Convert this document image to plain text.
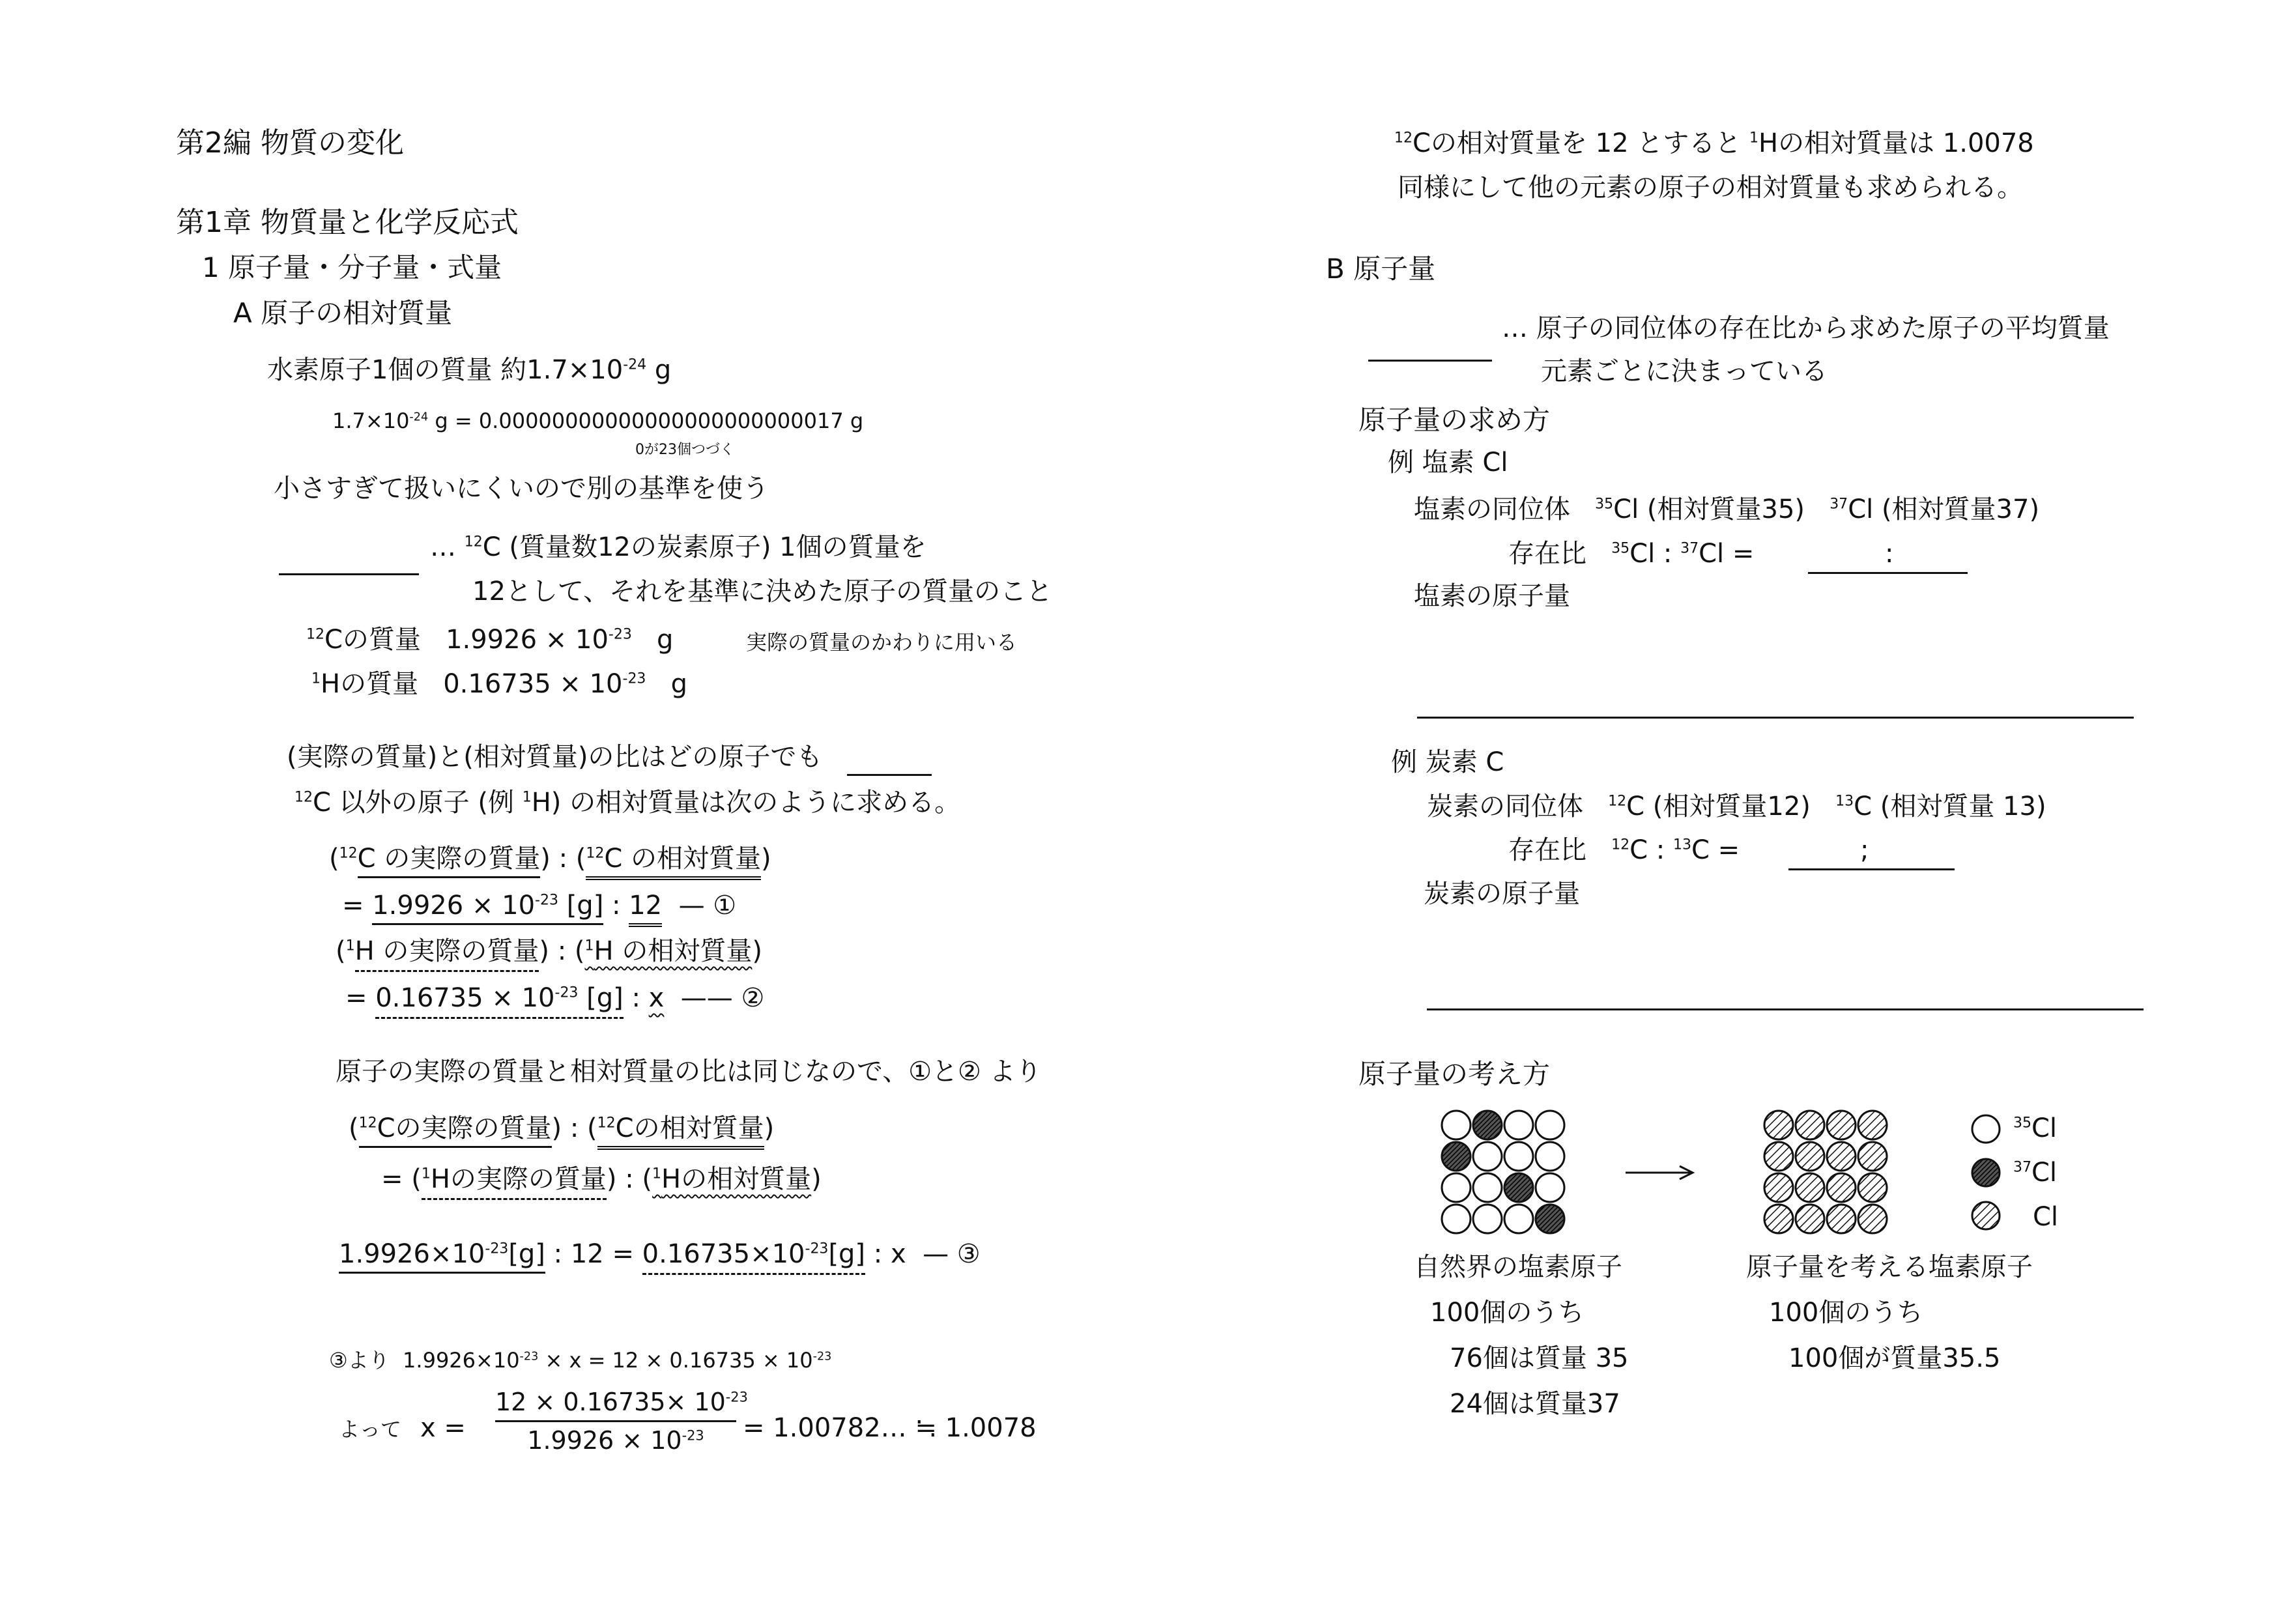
第2編 物質の変化
第1章 物質量と化学反応式
1 原子量・分子量・式量
A 原子の相対質量
水素原子1個の質量 約$1.7\times 10^{-24}$ g
$1.7\times 10^{-24}$ g = 0.00000000000000000000000017 g
0が23個つづく
小さすぎて扱いにくいので別の基準を使う
… $^{12}$C (質量数12の炭素原子) 1個の質量を
12として、それを基準に決めた原子の質量のこと
$^{12}$Cの質量 $1.9926 \times 10^{-23}$ g	実際の質量のかわりに用いる
$^1$Hの質量 $0.16735 \times 10^{-23}$ g
(実際の質量)と(相対質量)の比はどの原子でも
$^{12}$C 以外の原子 (例 $^1$H) の相対質量は次のように求める。
($^{12}$C の実際の質量) : ($^{12}$C の相対質量)
= $1.9926 \times 10^{-23}$ [g] : 12 — ①
($^1$H の実際の質量) : ($^1$H の相対質量)
= $0.16735 \times 10^{-23}$ [g] : x —— ②
原子の実際の質量と相対質量の比は同じなので、①と② より
($^{12}$Cの実際の質量) : ($^{12}$Cの相対質量)
= ($^1$Hの実際の質量) : ($^1$Hの相対質量)
$1.9926\times 10^{-23}[g]$ : $12 = 0.16735\times 10^{-23}[g]$ : x — ③
③より $1.9926\times 10^{-23} \times x = 12 \times 0.16735 \times 10^{-23}$
よって x =
$12 \times 0.16735\times 10^{-23}$
$1.9926 \times 10^{-23}$	= 1.00782… ≒ 1.0078
$^{12}$Cの相対質量を 12 とすると $^1$Hの相対質量は 1.0078
同様にして他の元素の原子の相対質量も求められる。
B 原子量
… 原子の同位体の存在比から求めた原子の平均質量
元素ごとに決まっている
原子量の求め方
例 塩素 Cl
塩素の同位体 $^{35}$Cl (相対質量35) $^{37}$Cl (相対質量37)
存在比 $^{35}$Cl : $^{37}$Cl =	:
塩素の原子量
例 炭素 C
炭素の同位体 $^{12}$C (相対質量12) $^{13}$C (相対質量 13)
存在比 $^{12}$C : $^{13}$C =	;
炭素の原子量
原子量の考え方
$^{35}$Cl
$^{37}$Cl
Cl
自然界の塩素原子
100個のうち
76個は質量 35
24個は質量37
原子量を考える塩素原子
100個のうち
100個が質量35.5
